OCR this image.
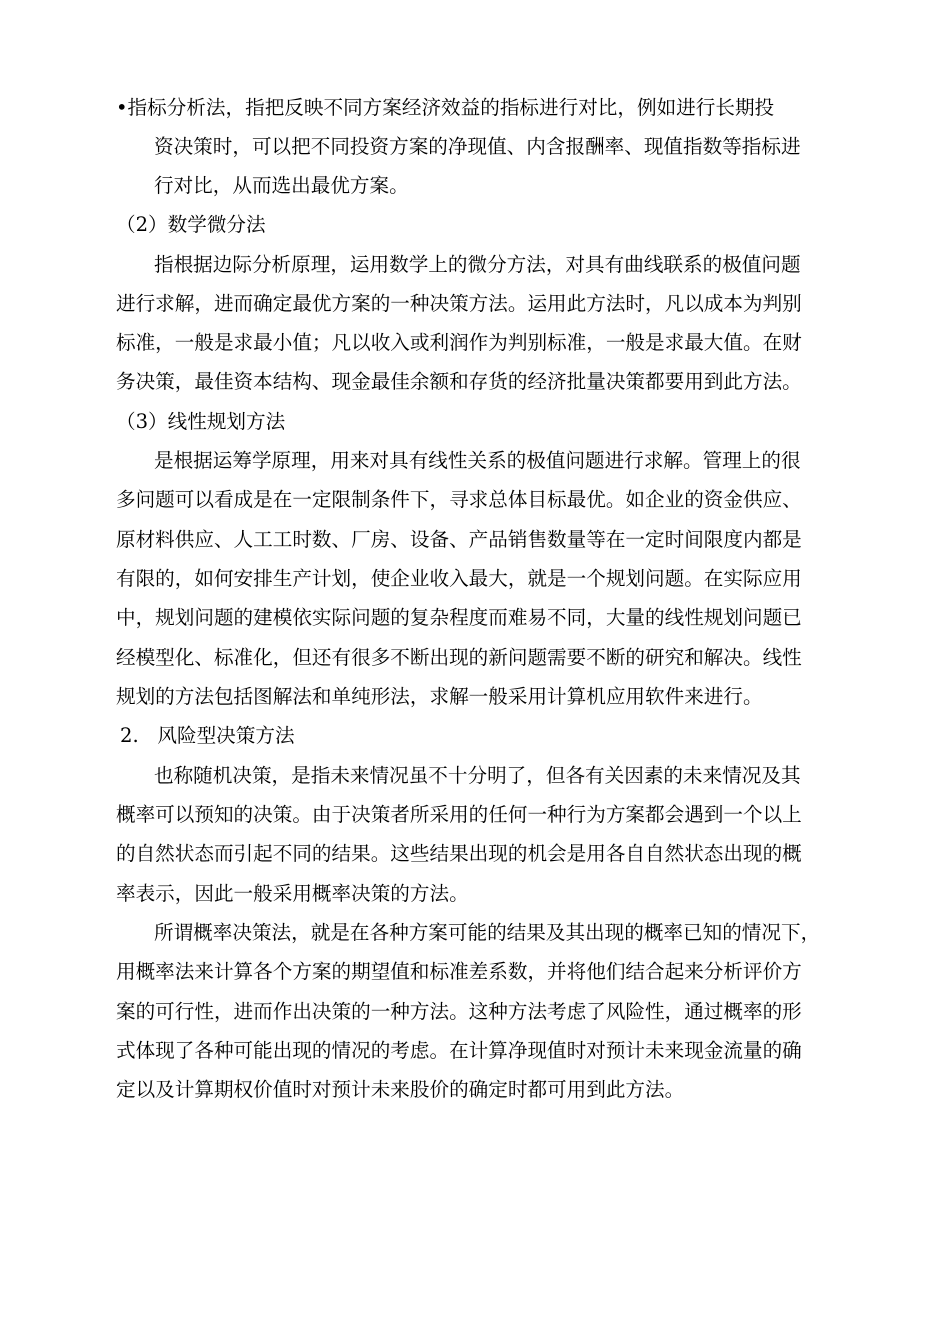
•指标分析法，指把反映不同方案经济效益的指标进行对比，例如进行长期投
资决策时，可以把不同投资方案的净现值、内含报酬率、现值指数等指标进
行对比，从而选出最优方案。
（2）数学微分法
指根据边际分析原理，运用数学上的微分方法，对具有曲线联系的极值问题
进行求解，进而确定最优方案的一种决策方法。运用此方法时，凡以成本为判别
标准，一般是求最小值；凡以收入或利润作为判别标准，一般是求最大值。在财
务决策，最佳资本结构、现金最佳余额和存货的经济批量决策都要用到此方法。
（3）线性规划方法
是根据运筹学原理，用来对具有线性关系的极值问题进行求解。管理上的很
多问题可以看成是在一定限制条件下，寻求总体目标最优。如企业的资金供应、
原材料供应、人工工时数、厂房、设备、产品销售数量等在一定时间限度内都是
有限的，如何安排生产计划，使企业收入最大，就是一个规划问题。在实际应用
中，规划问题的建模依实际问题的复杂程度而难易不同，大量的线性规划问题已
经模型化、标准化，但还有很多不断出现的新问题需要不断的研究和解决。线性
规划的方法包括图解法和单纯形法，求解一般采用计算机应用软件来进行。
2.   风险型决策方法
也称随机决策，是指未来情况虽不十分明了，但各有关因素的未来情况及其
概率可以预知的决策。由于决策者所采用的任何一种行为方案都会遇到一个以上
的自然状态而引起不同的结果。这些结果出现的机会是用各自自然状态出现的概
率表示，因此一般采用概率决策的方法。
所谓概率决策法，就是在各种方案可能的结果及其出现的概率已知的情况下，
用概率法来计算各个方案的期望值和标准差系数，并将他们结合起来分析评价方
案的可行性，进而作出决策的一种方法。这种方法考虑了风险性，通过概率的形
式体现了各种可能出现的情况的考虑。在计算净现值时对预计未来现金流量的确
定以及计算期权价值时对预计未来股价的确定时都可用到此方法。
